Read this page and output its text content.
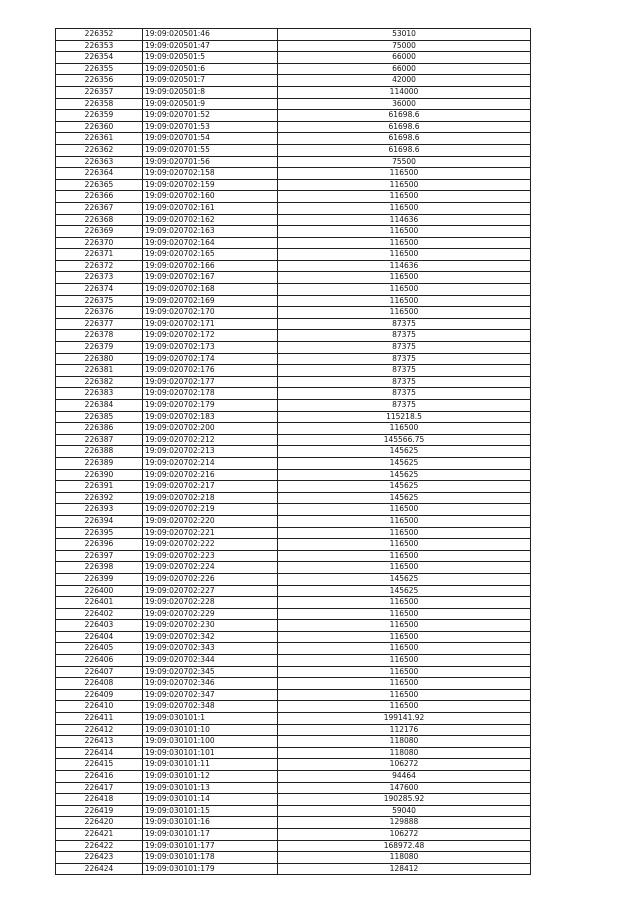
226352	19:09:020501:46	53010
226353	19:09:020501:47	75000
226354	19:09:020501:5	66000
226355	19:09:020501:6	66000
226356	19:09:020501:7	42000
226357	19:09:020501:8	114000
226358	19:09:020501:9	36000
226359	19:09:020701:52	61698.6
226360	19:09:020701:53	61698.6
226361	19:09:020701:54	61698.6
226362	19:09:020701:55	61698.6
226363	19:09:020701:56	75500
226364	19:09:020702:158	116500
226365	19:09:020702:159	116500
226366	19:09:020702:160	116500
226367	19:09:020702:161	116500
226368	19:09:020702:162	114636
226369	19:09:020702:163	116500
226370	19:09:020702:164	116500
226371	19:09:020702:165	116500
226372	19:09:020702:166	114636
226373	19:09:020702:167	116500
226374	19:09:020702:168	116500
226375	19:09:020702:169	116500
226376	19:09:020702:170	116500
226377	19:09:020702:171	87375
226378	19:09:020702:172	87375
226379	19:09:020702:173	87375
226380	19:09:020702:174	87375
226381	19:09:020702:176	87375
226382	19:09:020702:177	87375
226383	19:09:020702:178	87375
226384	19:09:020702:179	87375
226385	19:09:020702:183	115218.5
226386	19:09:020702:200	116500
226387	19:09:020702:212	145566.75
226388	19:09:020702:213	145625
226389	19:09:020702:214	145625
226390	19:09:020702:216	145625
226391	19:09:020702:217	145625
226392	19:09:020702:218	145625
226393	19:09:020702:219	116500
226394	19:09:020702:220	116500
226395	19:09:020702:221	116500
226396	19:09:020702:222	116500
226397	19:09:020702:223	116500
226398	19:09:020702:224	116500
226399	19:09:020702:226	145625
226400	19:09:020702:227	145625
226401	19:09:020702:228	116500
226402	19:09:020702:229	116500
226403	19:09:020702:230	116500
226404	19:09:020702:342	116500
226405	19:09:020702:343	116500
226406	19:09:020702:344	116500
226407	19:09:020702:345	116500
226408	19:09:020702:346	116500
226409	19:09:020702:347	116500
226410	19:09:020702:348	116500
226411	19:09:030101:1	199141.92
226412	19:09:030101:10	112176
226413	19:09:030101:100	118080
226414	19:09:030101:101	118080
226415	19:09:030101:11	106272
226416	19:09:030101:12	94464
226417	19:09:030101:13	147600
226418	19:09:030101:14	190285.92
226419	19:09:030101:15	59040
226420	19:09:030101:16	129888
226421	19:09:030101:17	106272
226422	19:09:030101:177	168972.48
226423	19:09:030101:178	118080
226424	19:09:030101:179	128412
